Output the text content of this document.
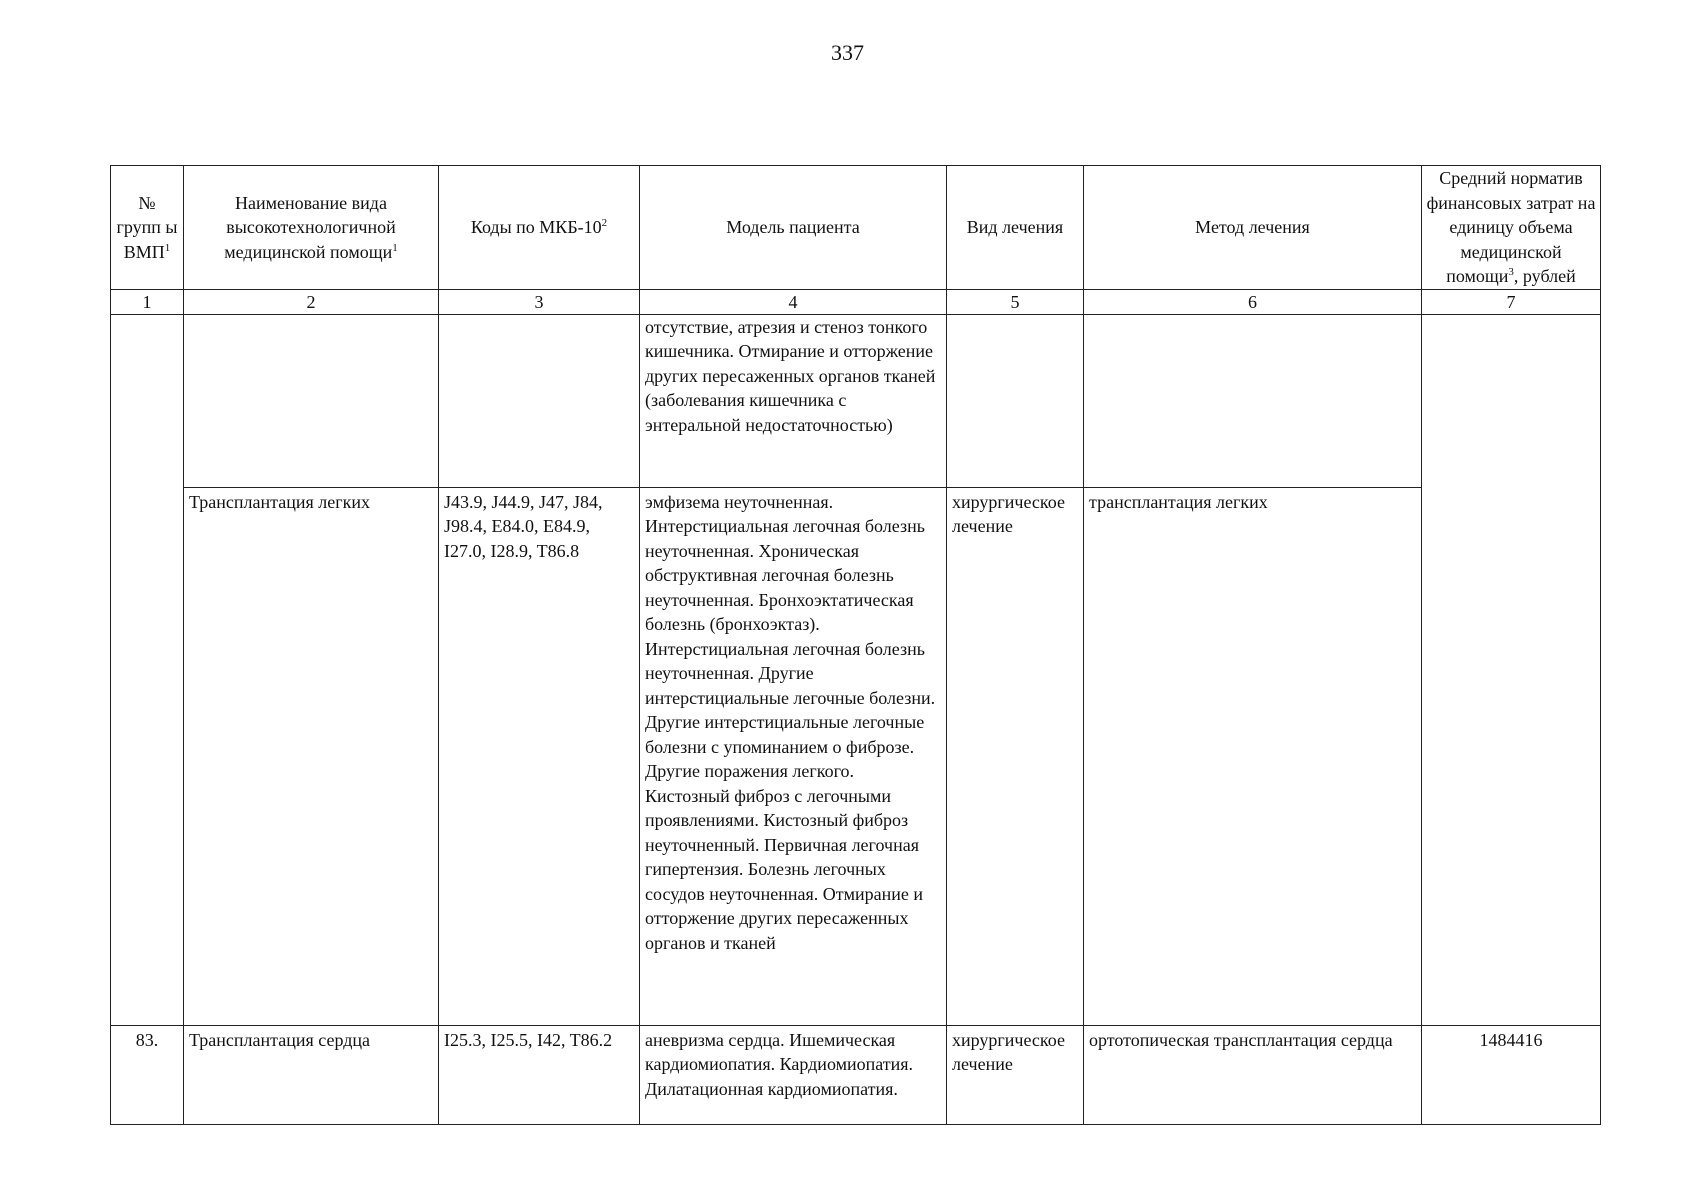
337
№ групп ы ВМП$^1$	Наименование вида высокотехнологичной медицинской помощи$^1$	Коды по МКБ-$10^2$	Модель пациента	Вид лечения	Метод лечения	Средний норматив финансовых затрат на единицу объема медицинской помощи$^3$, рублей
1	2	3	4	5	6	7
			отсутствие, атрезия и стеноз тонкого кишечника. Отмирание и отторжение других пересаженных органов тканей (заболевания кишечника с энтеральной недостаточностью)			
	Трансплантация легких	J43.9, J44.9, J47, J84, J98.4, E84.0, E84.9, I27.0, I28.9, T86.8	эмфизема неуточненная. Интерстициальная легочная болезнь неуточненная. Хроническая обструктивная легочная болезнь неуточненная. Бронхоэктатическая болезнь (бронхоэктаз). Интерстициальная легочная болезнь неуточненная. Другие интерстициальные легочные болезни. Другие интерстициальные легочные болезни с упоминанием о фиброзе. Другие поражения легкого. Кистозный фиброз с легочными проявлениями. Кистозный фиброз неуточненный. Первичная легочная гипертензия. Болезнь легочных сосудов неуточненная. Отмирание и отторжение других пересаженных органов и тканей	хирургическое лечение	трансплантация легких	
83.	Трансплантация сердца	I25.3, I25.5, I42, T86.2	аневризма сердца. Ишемическая кардиомиопатия. Кардиомиопатия. Дилатационная кардиомиопатия.	хирургическое лечение	ортотопическая трансплантация сердца	1484416
